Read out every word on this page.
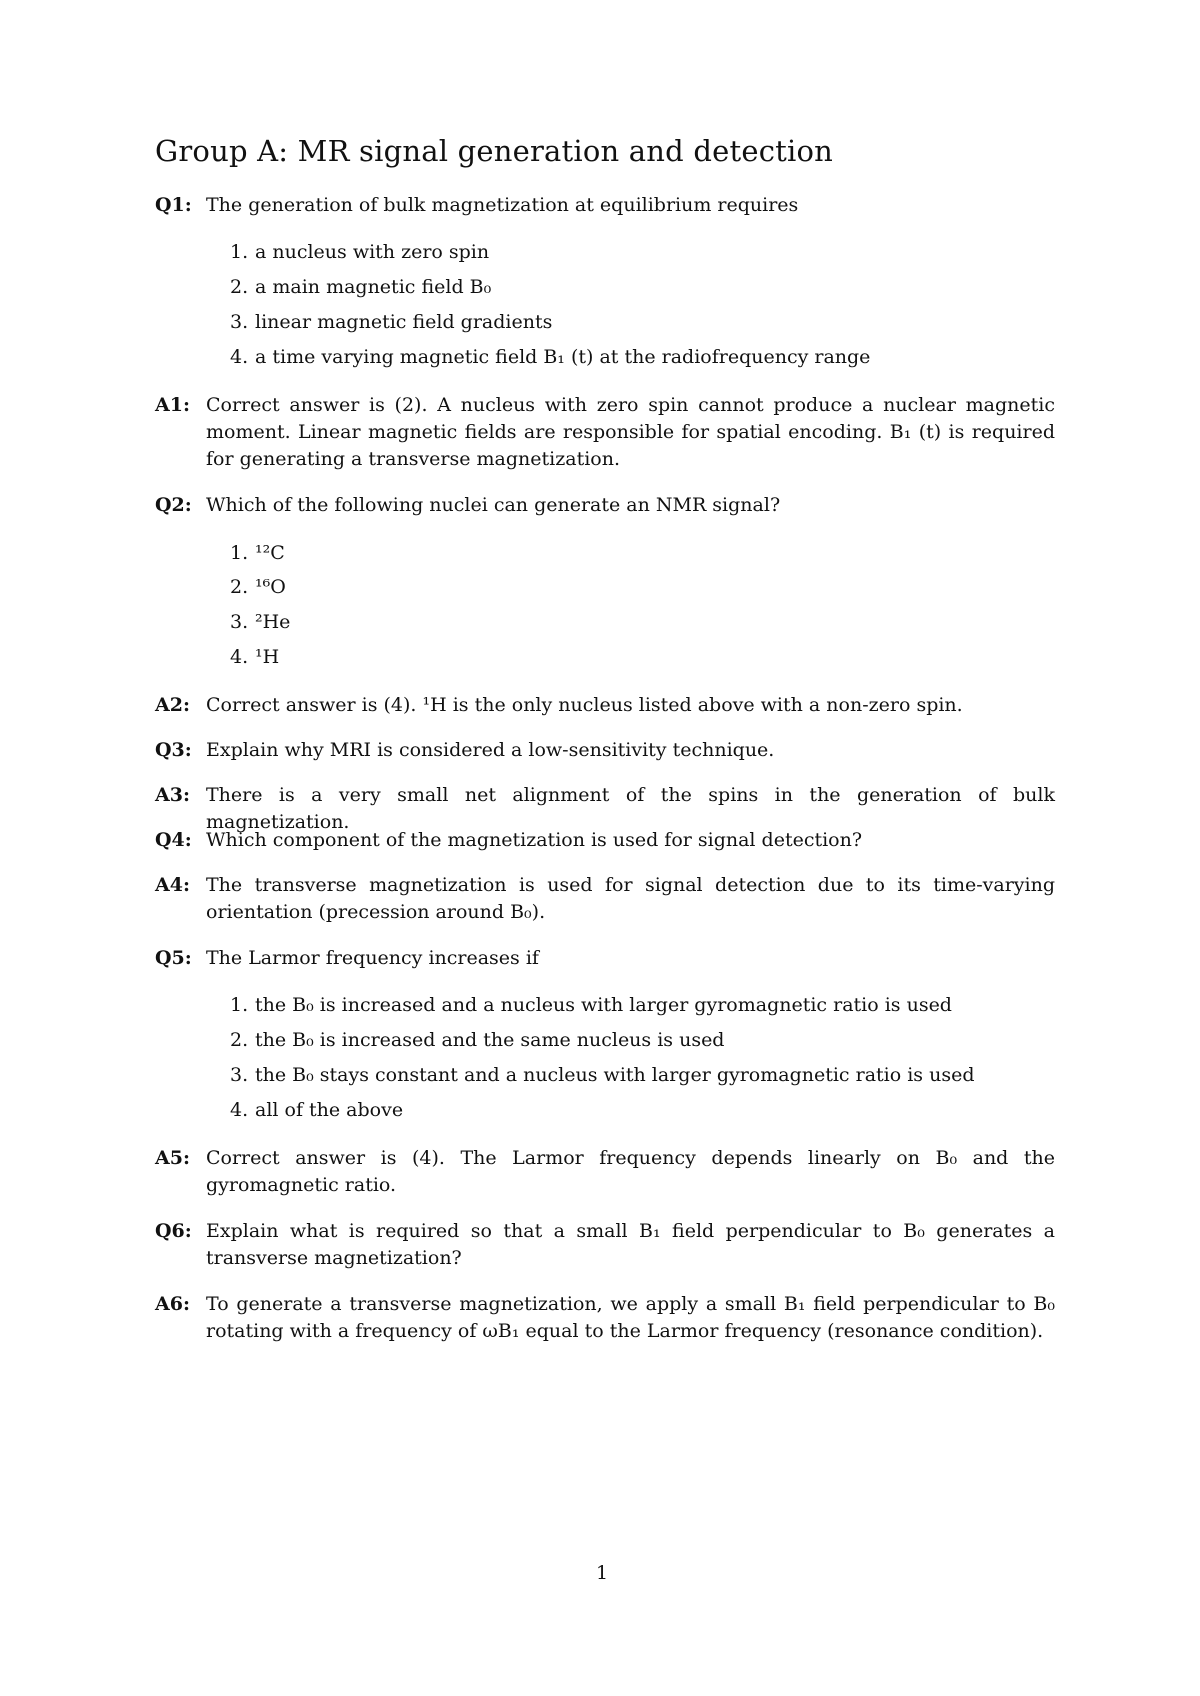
Group A: MR signal generation and detection
Q1: The generation of bulk magnetization at equilibrium requires
1. a nucleus with zero spin
2. a main magnetic field B₀
3. linear magnetic field gradients
4. a time varying magnetic field B₁ (t) at the radiofrequency range
A1: Correct answer is (2). A nucleus with zero spin cannot produce a nuclear magnetic moment. Linear magnetic fields are responsible for spatial encoding. B₁ (t) is required for generating a transverse magnetization.
Q2: Which of the following nuclei can generate an NMR signal?
1. ¹²C
2. ¹⁶O
3. ²He
4. ¹H
A2: Correct answer is (4). ¹H is the only nucleus listed above with a non-zero spin.
Q3: Explain why MRI is considered a low-sensitivity technique.
A3: There is a very small net alignment of the spins in the generation of bulk magnetization.
Q4: Which component of the magnetization is used for signal detection?
A4: The transverse magnetization is used for signal detection due to its time-varying orientation (precession around B₀).
Q5: The Larmor frequency increases if
1. the B₀ is increased and a nucleus with larger gyromagnetic ratio is used
2. the B₀ is increased and the same nucleus is used
3. the B₀ stays constant and a nucleus with larger gyromagnetic ratio is used
4. all of the above
A5: Correct answer is (4). The Larmor frequency depends linearly on B₀ and the gyromagnetic ratio.
Q6: Explain what is required so that a small B₁ field perpendicular to B₀ generates a transverse magnetization?
A6: To generate a transverse magnetization, we apply a small B₁ field perpendicular to B₀ rotating with a frequency of ωB₁ equal to the Larmor frequency (resonance condition).
1
